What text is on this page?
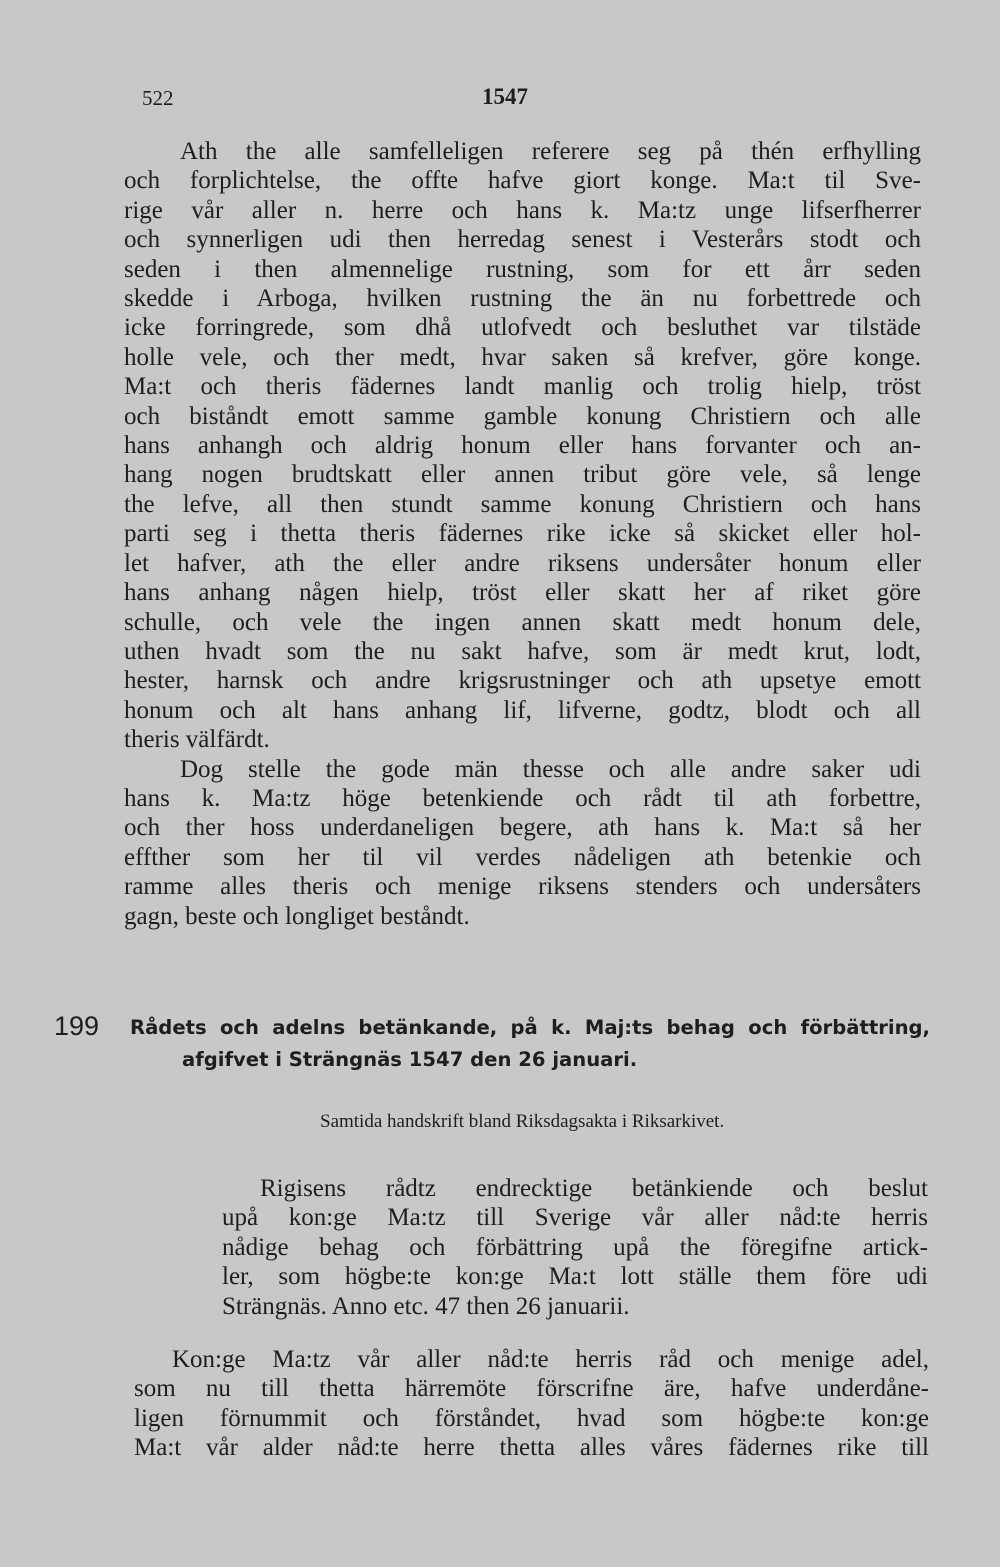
522	1547
Ath the alle samfelleligen referere seg på thén erfhylling
och forplichtelse, the offte hafve giort konge. Ma:t til Sve-
rige vår aller n. herre och hans k. Ma:tz unge lifserfherrer
och synnerligen udi then herredag senest i Vesterårs stodt och
seden i then almennelige rustning, som for ett årr seden
skedde i Arboga, hvilken rustning the än nu forbettrede och
icke forringrede, som dhå utlofvedt och besluthet var tilstäde
holle vele, och ther medt, hvar saken så krefver, göre konge.
Ma:t och theris fädernes landt manlig och trolig hielp, tröst
och biståndt emott samme gamble konung Christiern och alle
hans anhangh och aldrig honum eller hans forvanter och an-
hang nogen brudtskatt eller annen tribut göre vele, så lenge
the lefve, all then stundt samme konung Christiern och hans
parti seg i thetta theris fädernes rike icke så skicket eller hol-
let hafver, ath the eller andre riksens undersåter honum eller
hans anhang någen hielp, tröst eller skatt her af riket göre
schulle, och vele the ingen annen skatt medt honum dele,
uthen hvadt som the nu sakt hafve, som är medt krut, lodt,
hester, harnsk och andre krigsrustninger och ath upsetye emott
honum och alt hans anhang lif, lifverne, godtz, blodt och all
theris välfärdt.
Dog stelle the gode män thesse och alle andre saker udi
hans k. Ma:tz höge betenkiende och rådt til ath forbettre,
och ther hoss underdaneligen begere, ath hans k. Ma:t så her
effther som her til vil verdes nådeligen ath betenkie och
ramme alles theris och menige riksens stenders och undersåters
gagn, beste och longliget beståndt.
199 Rådets och adelns betänkande, på k. Maj:ts behag och förbättring,
afgifvet i Strängnäs 1547 den 26 januari.
Samtida handskrift bland Riksdagsakta i Riksarkivet.
Rigisens rådtz endrecktige betänkiende och beslut
upå kon:ge Ma:tz till Sverige vår aller nåd:te herris
nådige behag och förbättring upå the föregifne artick-
ler, som högbe:te kon:ge Ma:t lott ställe them före udi
Strängnäs. Anno etc. 47 then 26 januarii.
Kon:ge Ma:tz vår aller nåd:te herris råd och menige adel,
som nu till thetta härremöte förscrifne äre, hafve underdåne-
ligen förnummit och förståndet, hvad som högbe:te kon:ge
Ma:t vår alder nåd:te herre thetta alles våres fädernes rike till
